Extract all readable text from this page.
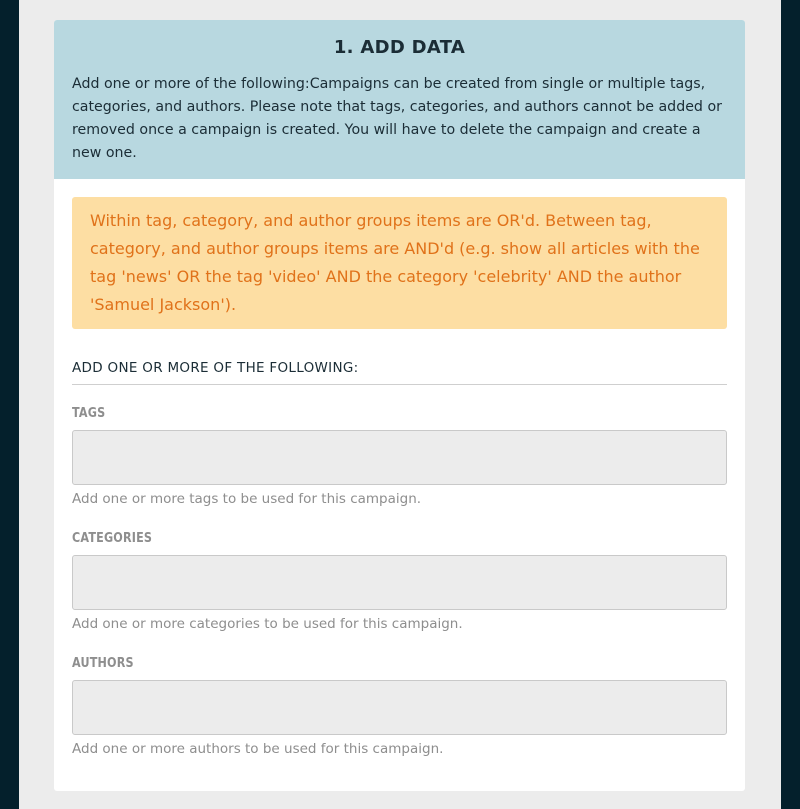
1. ADD DATA

Add one or more of the following:Campaigns can be created from single or multiple tags, categories, and authors. Please note that tags, categories, and authors cannot be added or removed once a campaign is created. You will have to delete the campaign and create a new one.

Within tag, category, and author groups items are OR'd. Between tag, category, and author groups items are AND'd (e.g. show all articles with the tag 'news' OR the tag 'video' AND the category 'celebrity' AND the author 'Samuel Jackson').
ADD ONE OR MORE OF THE FOLLOWING:
TAGS
Add one or more tags to be used for this campaign.
CATEGORIES
Add one or more categories to be used for this campaign.
AUTHORS
Add one or more authors to be used for this campaign.
